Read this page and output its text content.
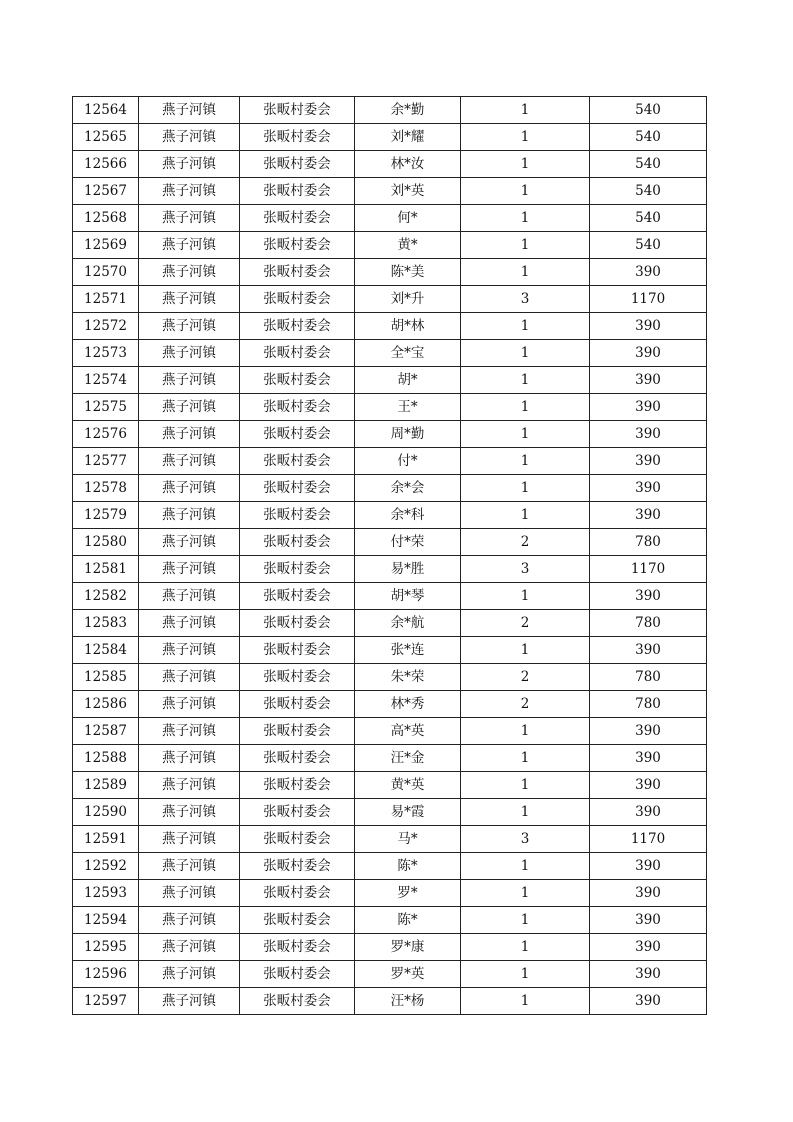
12564	燕子河镇	张畈村委会	余*勤	1	540
12565	燕子河镇	张畈村委会	刘*耀	1	540
12566	燕子河镇	张畈村委会	林*汝	1	540
12567	燕子河镇	张畈村委会	刘*英	1	540
12568	燕子河镇	张畈村委会	何*	1	540
12569	燕子河镇	张畈村委会	黄*	1	540
12570	燕子河镇	张畈村委会	陈*美	1	390
12571	燕子河镇	张畈村委会	刘*升	3	1170
12572	燕子河镇	张畈村委会	胡*林	1	390
12573	燕子河镇	张畈村委会	全*宝	1	390
12574	燕子河镇	张畈村委会	胡*	1	390
12575	燕子河镇	张畈村委会	王*	1	390
12576	燕子河镇	张畈村委会	周*勤	1	390
12577	燕子河镇	张畈村委会	付*	1	390
12578	燕子河镇	张畈村委会	余*会	1	390
12579	燕子河镇	张畈村委会	余*科	1	390
12580	燕子河镇	张畈村委会	付*荣	2	780
12581	燕子河镇	张畈村委会	易*胜	3	1170
12582	燕子河镇	张畈村委会	胡*琴	1	390
12583	燕子河镇	张畈村委会	余*航	2	780
12584	燕子河镇	张畈村委会	张*连	1	390
12585	燕子河镇	张畈村委会	朱*荣	2	780
12586	燕子河镇	张畈村委会	林*秀	2	780
12587	燕子河镇	张畈村委会	高*英	1	390
12588	燕子河镇	张畈村委会	汪*金	1	390
12589	燕子河镇	张畈村委会	黄*英	1	390
12590	燕子河镇	张畈村委会	易*霞	1	390
12591	燕子河镇	张畈村委会	马*	3	1170
12592	燕子河镇	张畈村委会	陈*	1	390
12593	燕子河镇	张畈村委会	罗*	1	390
12594	燕子河镇	张畈村委会	陈*	1	390
12595	燕子河镇	张畈村委会	罗*康	1	390
12596	燕子河镇	张畈村委会	罗*英	1	390
12597	燕子河镇	张畈村委会	汪*杨	1	390
